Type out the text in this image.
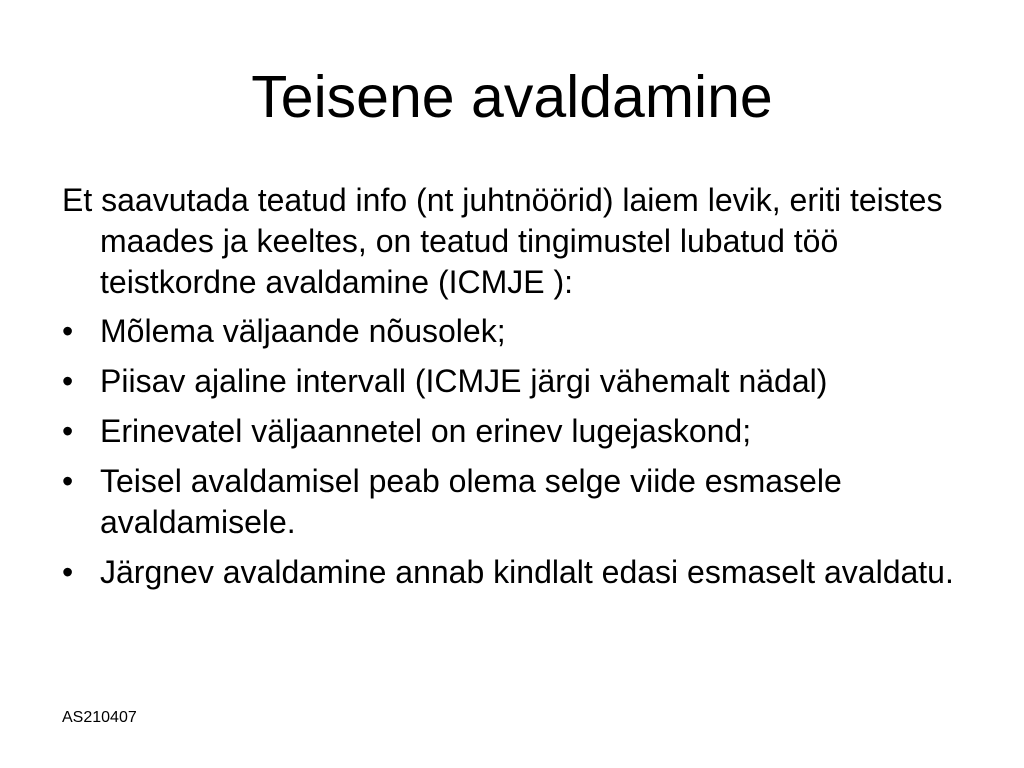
Teisene avaldamine

Et saavutada teatud info (nt juhtnöörid) laiem levik, eriti teistes maades ja keeltes, on teatud tingimustel lubatud töö teistkordne avaldamine (ICMJE ):

• Mõlema väljaande nõusolek;
• Piisav ajaline intervall (ICMJE järgi vähemalt nädal)
• Erinevatel väljaannetel on erinev lugejaskond;
• Teisel avaldamisel peab olema selge viide esmasele avaldamisele.
• Järgnev avaldamine annab kindlalt edasi esmaselt avaldatu.
AS210407
